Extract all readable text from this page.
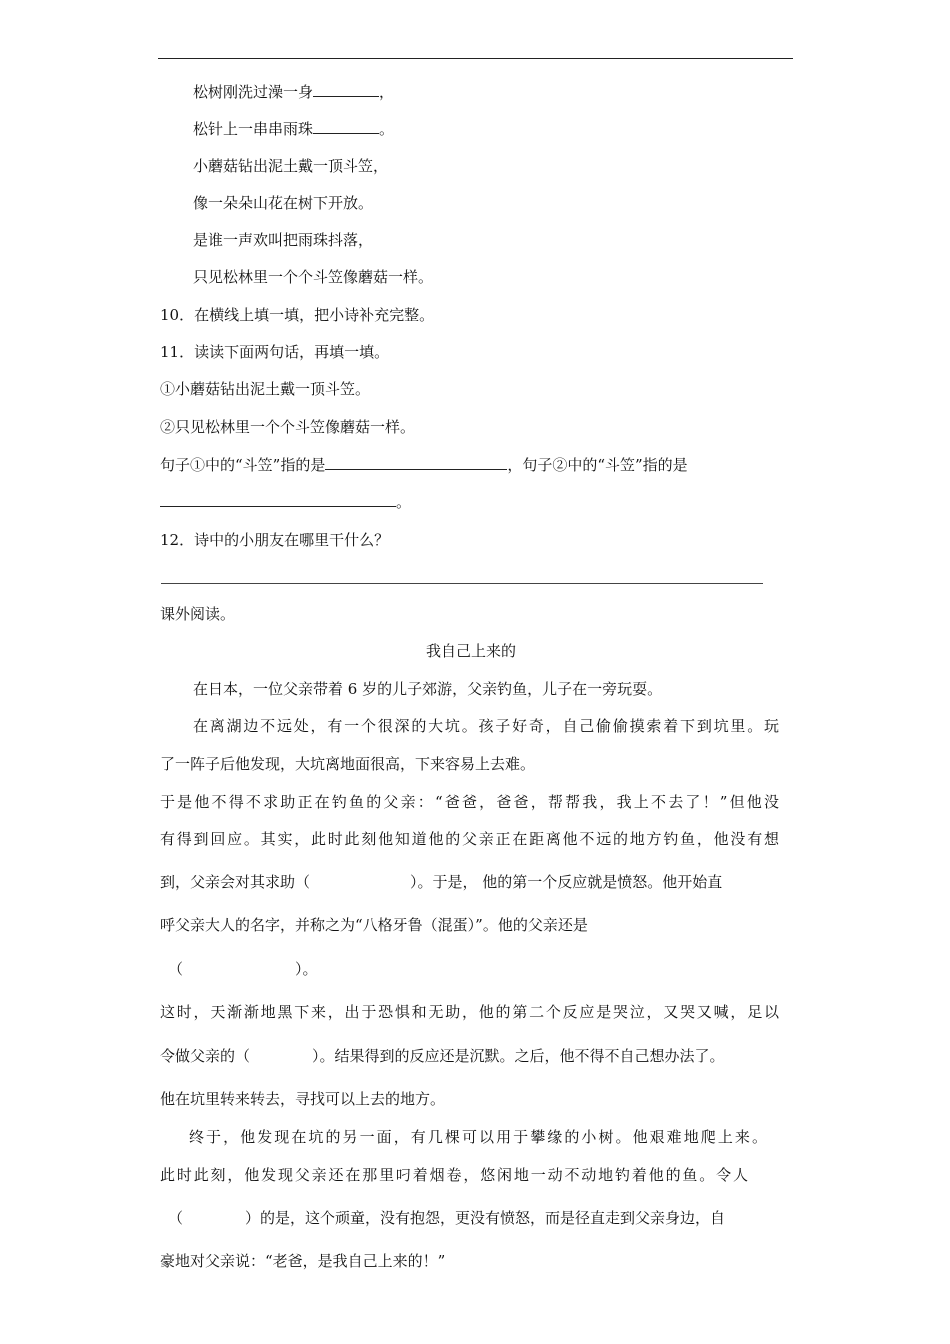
松树刚洗过澡一身	，
松针上一串串雨珠	。
小蘑菇钻出泥土戴一顶斗笠，
像一朵朵山花在树下开放。
是谁一声欢叫把雨珠抖落，
只见松林里一个个斗笠像蘑菇一样。
10．在横线上填一填，把小诗补充完整。
11．读读下面两句话，再填一填。
①小蘑菇钻出泥土戴一顶斗笠。
②只见松林里一个个斗笠像蘑菇一样。
句子①中的“斗笠”指的是	，句子②中的“斗笠”指的是
。
12．诗中的小朋友在哪里干什么？
课外阅读。
我自己上来的
在日本，一位父亲带着 6 岁的儿子郊游，父亲钓鱼，儿子在一旁玩耍。
在离湖边不远处，有一个很深的大坑。孩子好奇，自己偷偷摸索着下到坑里。玩
了一阵子后他发现，大坑离地面很高，下来容易上去难。
于是他不得不求助正在钓鱼的父亲：“爸爸，爸爸，帮帮我，我上不去了！”但他没
有得到回应。其实，此时此刻他知道他的父亲正在距离他不远的地方钓鱼，他没有想
到，父亲会对其求助（	）。于是， 他的第一个反应就是愤怒。他开始直
呼父亲大人的名字，并称之为“八格牙鲁（混蛋）”。他的父亲还是
（	）。
这时，天渐渐地黑下来，出于恐惧和无助，他的第二个反应是哭泣，又哭又喊，足以
令做父亲的（	）。结果得到的反应还是沉默。之后，他不得不自己想办法了。
他在坑里转来转去，寻找可以上去的地方。
终于，他发现在坑的另一面，有几棵可以用于攀缘的小树。他艰难地爬上来。
此时此刻，他发现父亲还在那里叼着烟卷，悠闲地一动不动地钓着他的鱼。令人
（	）的是，这个顽童，没有抱怨，更没有愤怒，而是径直走到父亲身边，自
豪地对父亲说：“老爸，是我自己上来的！”
